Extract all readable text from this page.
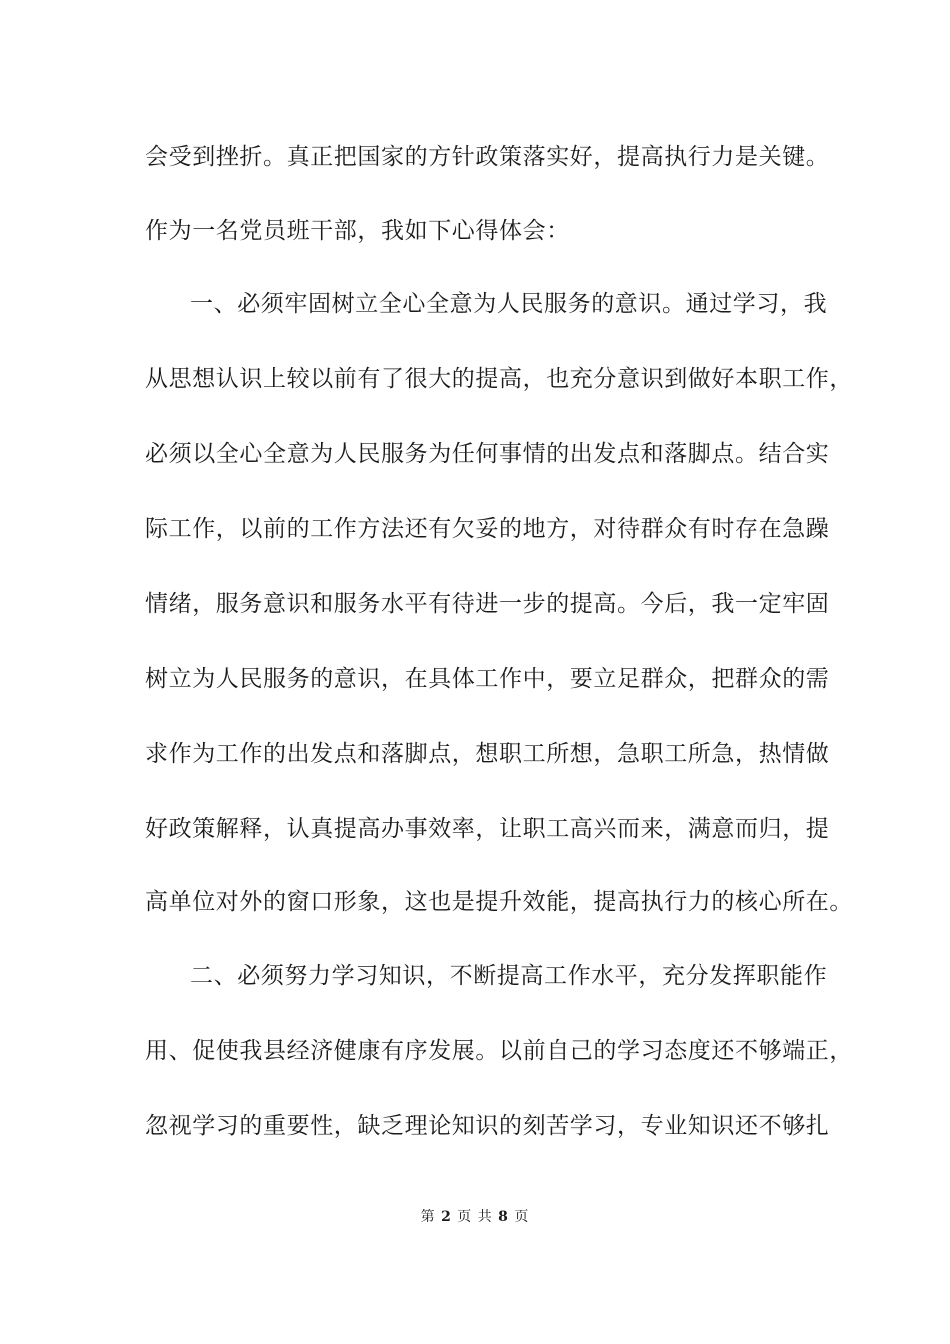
会受到挫折。真正把国家的方针政策落实好，提高执行力是关键。
作为一名党员班干部，我如下心得体会：
一、必须牢固树立全心全意为人民服务的意识。通过学习，我
从思想认识上较以前有了很大的提高，也充分意识到做好本职工作，
必须以全心全意为人民服务为任何事情的出发点和落脚点。结合实
际工作，以前的工作方法还有欠妥的地方，对待群众有时存在急躁
情绪，服务意识和服务水平有待进一步的提高。今后，我一定牢固
树立为人民服务的意识，在具体工作中，要立足群众，把群众的需
求作为工作的出发点和落脚点，想职工所想，急职工所急，热情做
好政策解释，认真提高办事效率，让职工高兴而来，满意而归，提
高单位对外的窗口形象，这也是提升效能，提高执行力的核心所在。
二、必须努力学习知识，不断提高工作水平，充分发挥职能作
用、促使我县经济健康有序发展。以前自己的学习态度还不够端正，
忽视学习的重要性，缺乏理论知识的刻苦学习，专业知识还不够扎
第 2 页 共 8 页
